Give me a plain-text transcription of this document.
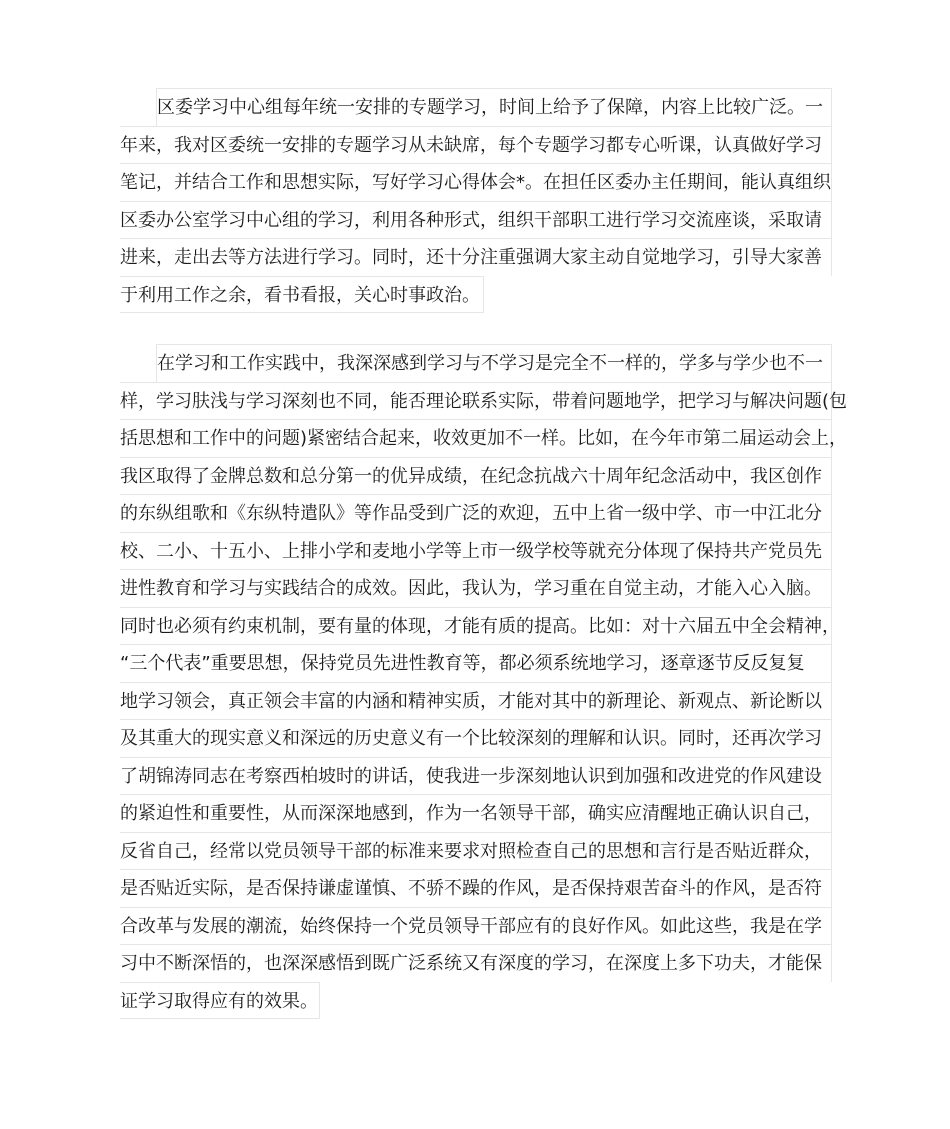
区委学习中心组每年统一安排的专题学习，时间上给予了保障，内容上比较广泛。一
年来，我对区委统一安排的专题学习从未缺席，每个专题学习都专心听课，认真做好学习
笔记，并结合工作和思想实际，写好学习心得体会*。在担任区委办主任期间，能认真组织
区委办公室学习中心组的学习，利用各种形式，组织干部职工进行学习交流座谈，采取请
进来，走出去等方法进行学习。同时，还十分注重强调大家主动自觉地学习，引导大家善
于利用工作之余，看书看报，关心时事政治。
在学习和工作实践中，我深深感到学习与不学习是完全不一样的，学多与学少也不一
样，学习肤浅与学习深刻也不同，能否理论联系实际，带着问题地学，把学习与解决问题(包
括思想和工作中的问题)紧密结合起来，收效更加不一样。比如，在今年市第二届运动会上，
我区取得了金牌总数和总分第一的优异成绩，在纪念抗战六十周年纪念活动中，我区创作
的东纵组歌和《东纵特遣队》等作品受到广泛的欢迎，五中上省一级中学、市一中江北分
校、二小、十五小、上排小学和麦地小学等上市一级学校等就充分体现了保持共产党员先
进性教育和学习与实践结合的成效。因此，我认为，学习重在自觉主动，才能入心入脑。
同时也必须有约束机制，要有量的体现，才能有质的提高。比如：对十六届五中全会精神，
“三个代表”重要思想，保持党员先进性教育等，都必须系统地学习，逐章逐节反反复复
地学习领会，真正领会丰富的内涵和精神实质，才能对其中的新理论、新观点、新论断以
及其重大的现实意义和深远的历史意义有一个比较深刻的理解和认识。同时，还再次学习
了胡锦涛同志在考察西柏坡时的讲话，使我进一步深刻地认识到加强和改进党的作风建设
的紧迫性和重要性，从而深深地感到，作为一名领导干部，确实应清醒地正确认识自己，
反省自己，经常以党员领导干部的标准来要求对照检查自己的思想和言行是否贴近群众，
是否贴近实际，是否保持谦虚谨慎、不骄不躁的作风，是否保持艰苦奋斗的作风，是否符
合改革与发展的潮流，始终保持一个党员领导干部应有的良好作风。如此这些，我是在学
习中不断深悟的，也深深感悟到既广泛系统又有深度的学习，在深度上多下功夫，才能保
证学习取得应有的效果。
